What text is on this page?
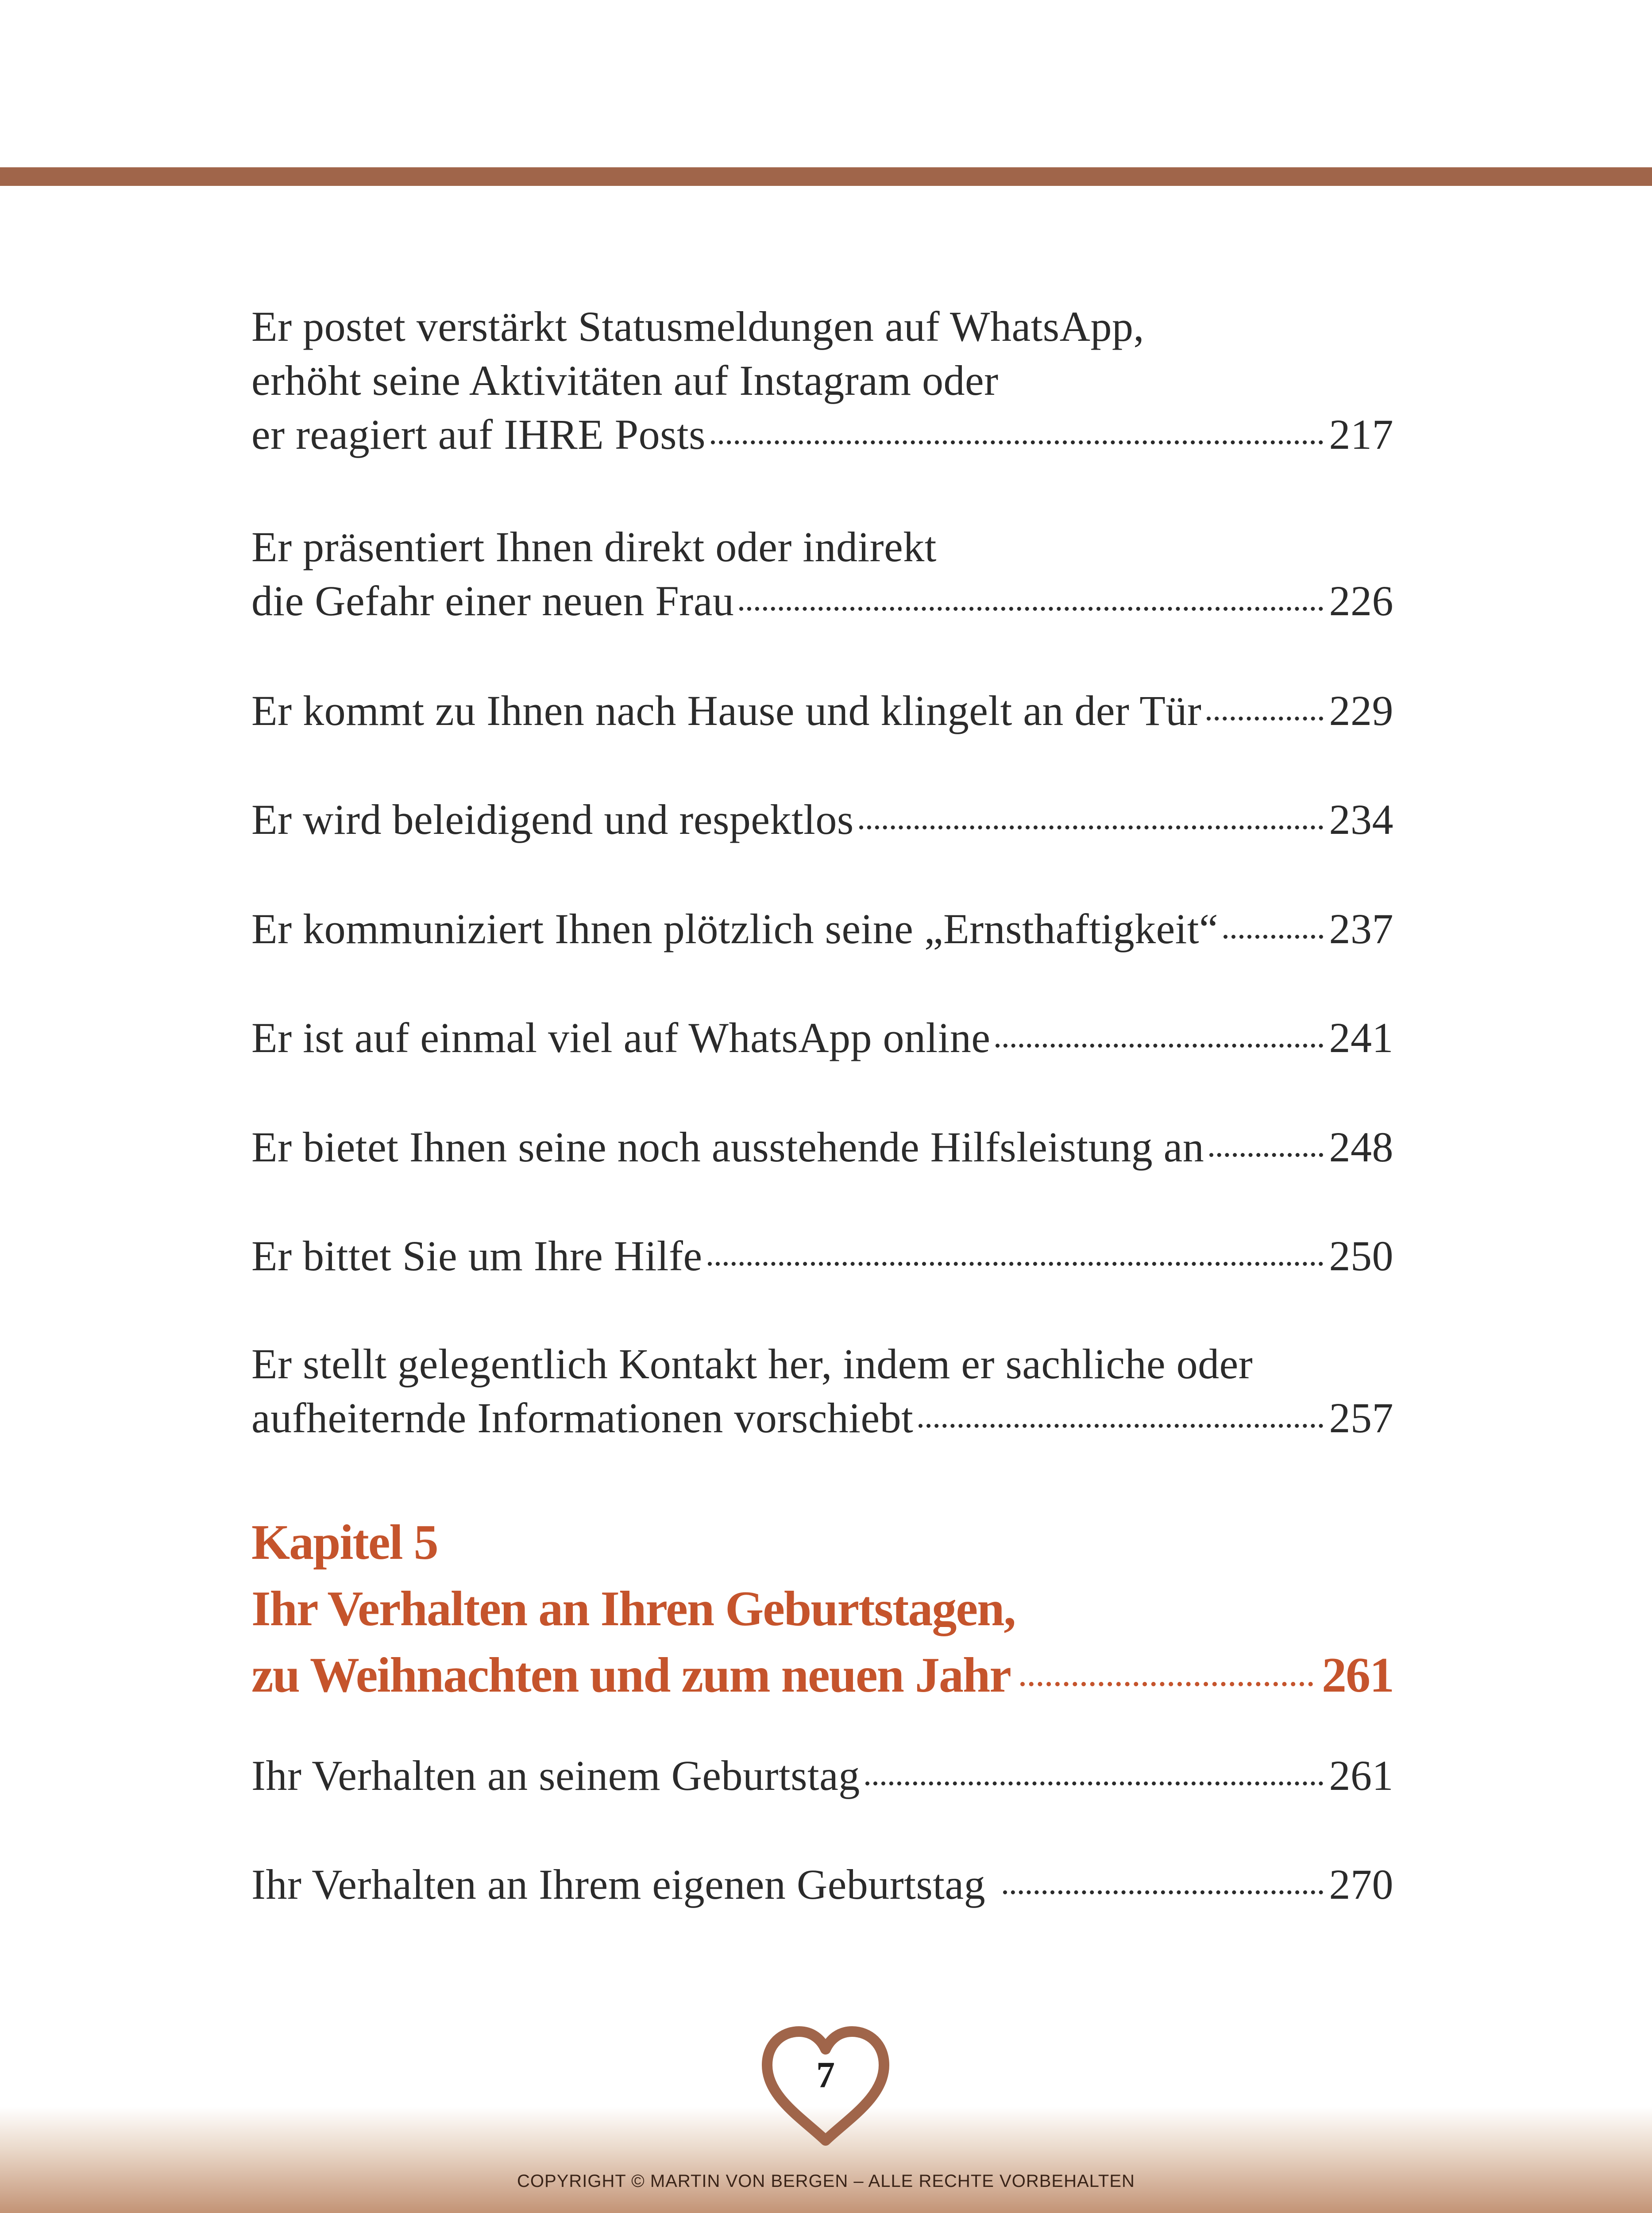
Er postet verstärkt Statusmeldungen auf WhatsApp,
erhöht seine Aktivitäten auf Instagram oder
er reagiert auf IHRE Posts	217
Er präsentiert Ihnen direkt oder indirekt
die Gefahr einer neuen Frau	226
Er kommt zu Ihnen nach Hause und klingelt an der Tür	229
Er wird beleidigend und respektlos	234
Er kommuniziert Ihnen plötzlich seine „Ernsthaftigkeit“	237
Er ist auf einmal viel auf WhatsApp online	241
Er bietet Ihnen seine noch ausstehende Hilfsleistung an	248
Er bittet Sie um Ihre Hilfe	250
Er stellt gelegentlich Kontakt her, indem er sachliche oder
aufheiternde Informationen vorschiebt	257
Kapitel 5
Ihr Verhalten an Ihren Geburtstagen,
zu Weihnachten und zum neuen Jahr	261
Ihr Verhalten an seinem Geburtstag	261
Ihr Verhalten an Ihrem eigenen Geburtstag	270
7
COPYRIGHT © MARTIN VON BERGEN – ALLE RECHTE VORBEHALTEN
